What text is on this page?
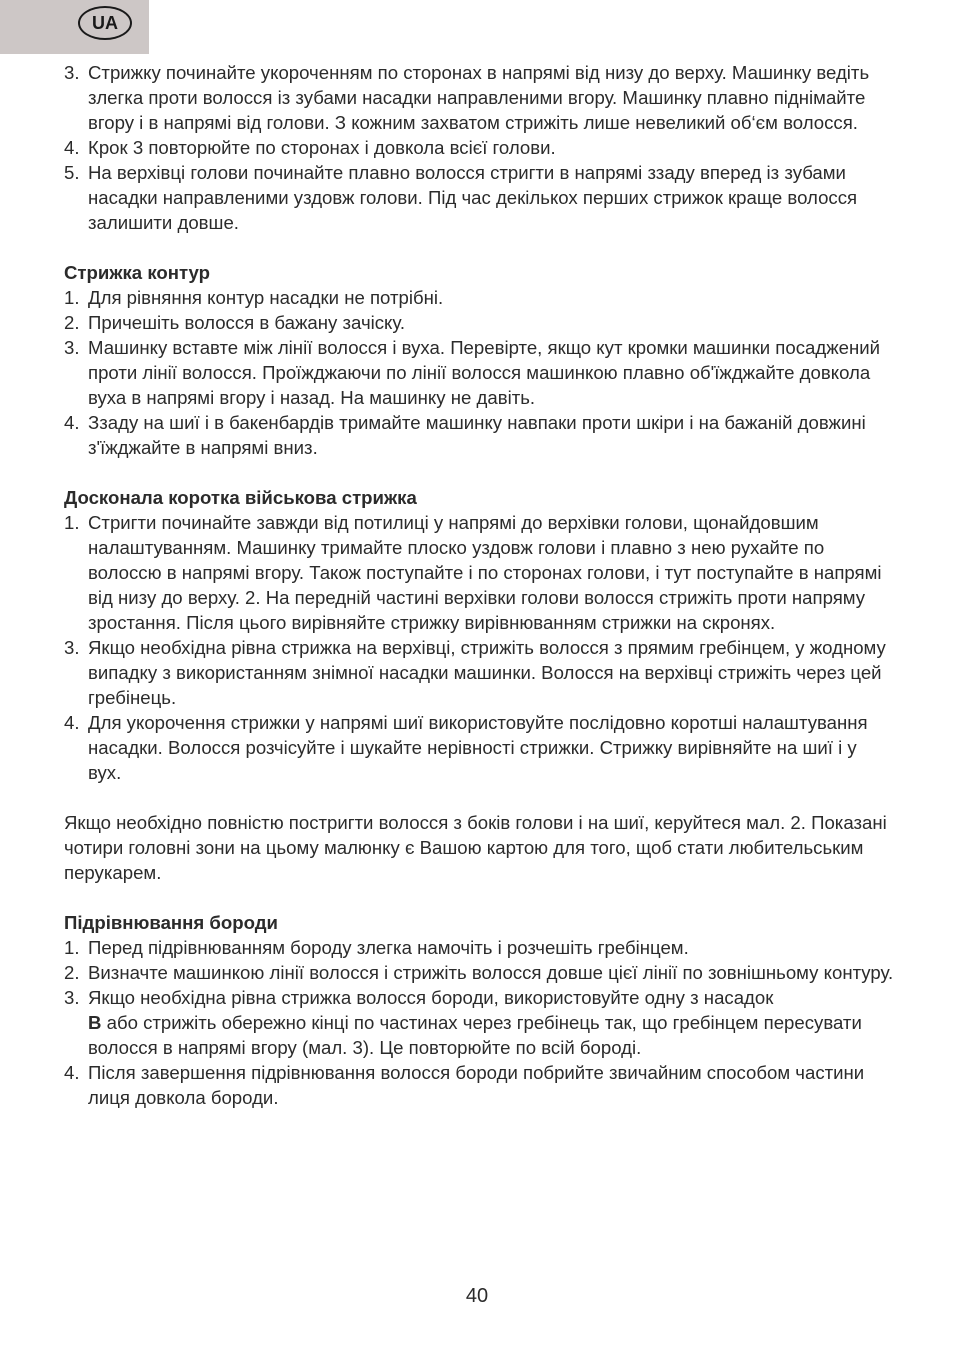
UA
3. Стрижку починайте укороченням по сторонах в напрямі від низу до верху. Машинку ведіть злегка проти волосся із зубами насадки направленими вгору. Машинку плавно піднімайте вгору і в напрямі від голови. З кожним захватом стрижіть лише невеликий об‘єм волосся.
4. Крок 3 повторюйте по сторонах і довкола всієї голови.
5. На верхівці голови починайте плавно волосся стригти в напрямі ззаду вперед із зубами насадки направленими уздовж голови. Під час декількох перших стрижок краще волосся залишити довше.
Стрижка контур
1. Для рівняння контур насадки не потрібні.
2. Причешіть волосся в бажану зачіску.
3. Машинку вставте між лінії волосся і вуха. Перевірте, якщо кут кромки машинки посаджений проти лінії волосся. Проїжджаючи по лінії волосся машинкою плавно об'їжджайте довкола вуха в напрямі вгору і назад. На машинку не давіть.
4. Ззаду на шиї і в бакенбардів тримайте машинку навпаки проти шкіри і на бажаній довжині з'їжджайте в напрямі вниз.
Досконала коротка військова стрижка
1. Стригти починайте завжди від потилиці у напрямі до верхівки голови, щонайдовшим налаштуванням. Машинку тримайте плоско уздовж голови і плавно з нею рухайте по волоссю в напрямі вгору. Також поступайте і по сторонах голови, і тут поступайте в напрямі від низу до верху. 2. На передній частині верхівки голови волосся стрижіть проти напряму зростання. Після цього вирівняйте стрижку вирівнюванням стрижки на скронях.
3. Якщо необхідна рівна стрижка на верхівці, стрижіть волосся з прямим гребінцем, у жодному випадку з використанням знімної насадки машинки. Волосся на верхівці стрижіть через цей гребінець.
4. Для укорочення стрижки у напрямі шиї використовуйте послідовно коротші налаштування насадки. Волосся розчісуйте і шукайте нерівності стрижки. Стрижку вирівняйте на шиї і у вух.

Якщо необхідно повністю постригти волосся з боків голови і на шиї, керуйтеся мал. 2. Показані чотири головні зони на цьому малюнку є Вашою картою для того, щоб стати любительським перукарем.

Підрівнювання бороди
1. Перед підрівнюванням бороду злегка намочіть і розчешіть гребінцем.
2. Визначте машинкою лінії волосся і стрижіть волосся довше цієї лінії по зовнішньому контуру.
3. Якщо необхідна рівна стрижка волосся бороди, використовуйте одну з насадок
B або стрижіть обережно кінці по частинах через гребінець так, що гребінцем пересувати волосся в напрямі вгору (мал. 3). Це повторюйте по всій бороді.
4. Після завершення підрівнювання волосся бороди побрийте звичайним способом частини лиця довкола бороди.
40
